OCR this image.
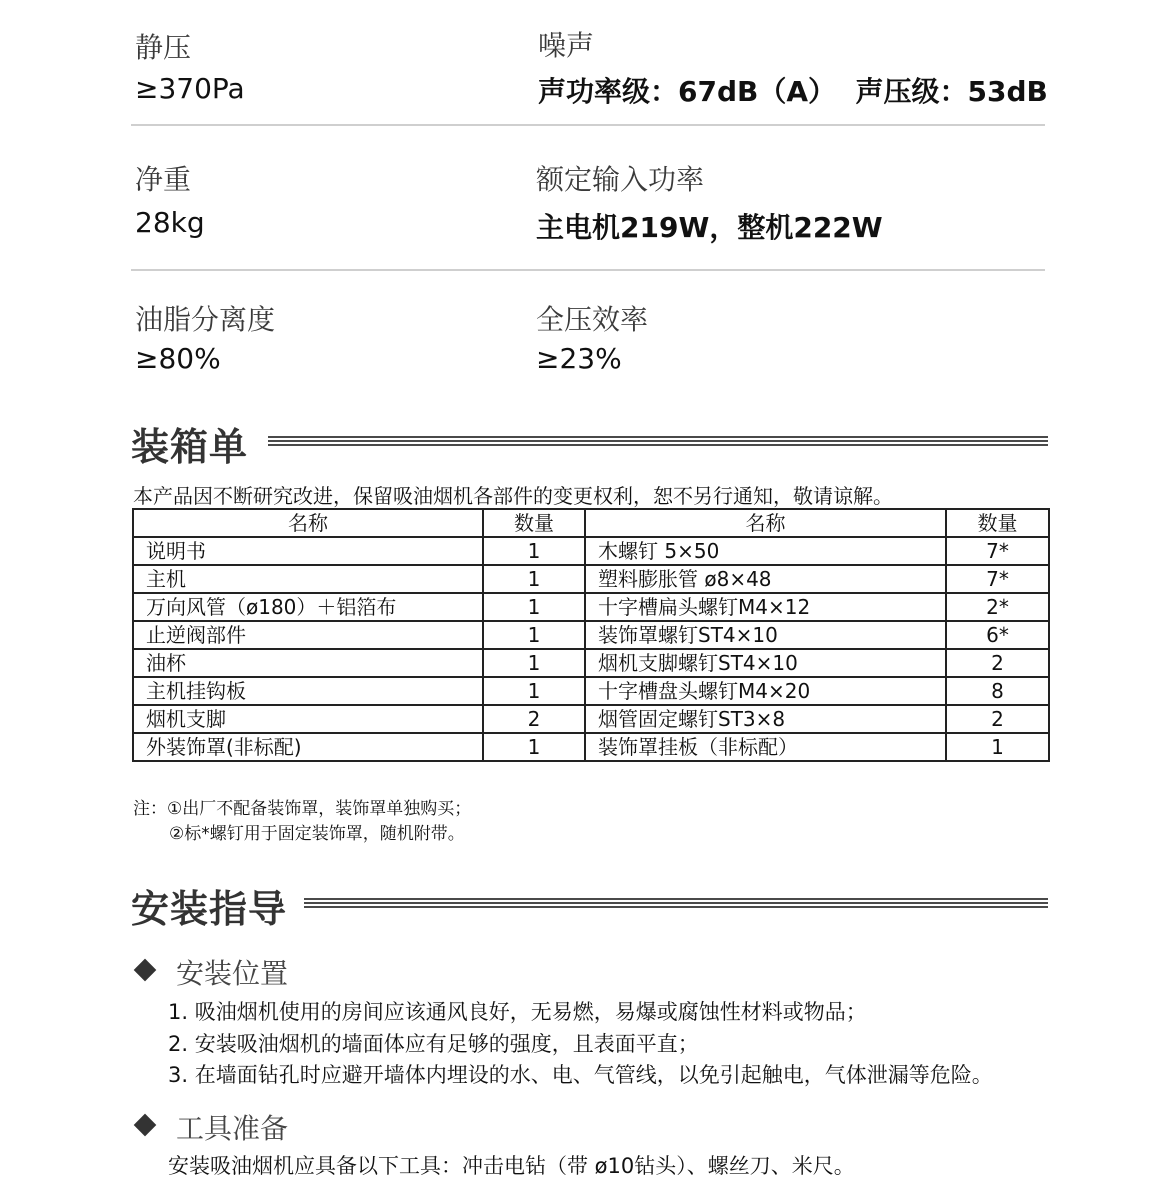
静压
≥370Pa
噪声
声功率级：67dB（A）  声压级：53dB
净重
28kg
额定输入功率
主电机219W，整机222W
油脂分离度
≥80%
全压效率
≥23%
装箱单
本产品因不断研究改进，保留吸油烟机各部件的变更权利，恕不另行通知，敬请谅解。
名称	数量	名称	数量
说明书	1	木螺钉 5×50	7*
主机	1	塑料膨胀管 ø8×48	7*
万向风管（ø180）＋铝箔布	1	十字槽扁头螺钉M4×12	2*
止逆阀部件	1	装饰罩螺钉ST4×10	6*
油杯	1	烟机支脚螺钉ST4×10	2
主机挂钩板	1	十字槽盘头螺钉M4×20	8
烟机支脚	2	烟管固定螺钉ST3×8	2
外装饰罩(非标配)	1	装饰罩挂板（非标配）	1
注：①出厂不配备装饰罩，装饰罩单独购买；
②标*螺钉用于固定装饰罩，随机附带。
安装指导
安装位置
1. 吸油烟机使用的房间应该通风良好，无易燃，易爆或腐蚀性材料或物品；
2. 安装吸油烟机的墙面体应有足够的强度，且表面平直；
3. 在墙面钻孔时应避开墙体内埋设的水、电、气管线，以免引起触电，气体泄漏等危险。
工具准备
安装吸油烟机应具备以下工具：冲击电钻（带 ø10钻头）、螺丝刀、米尺。
